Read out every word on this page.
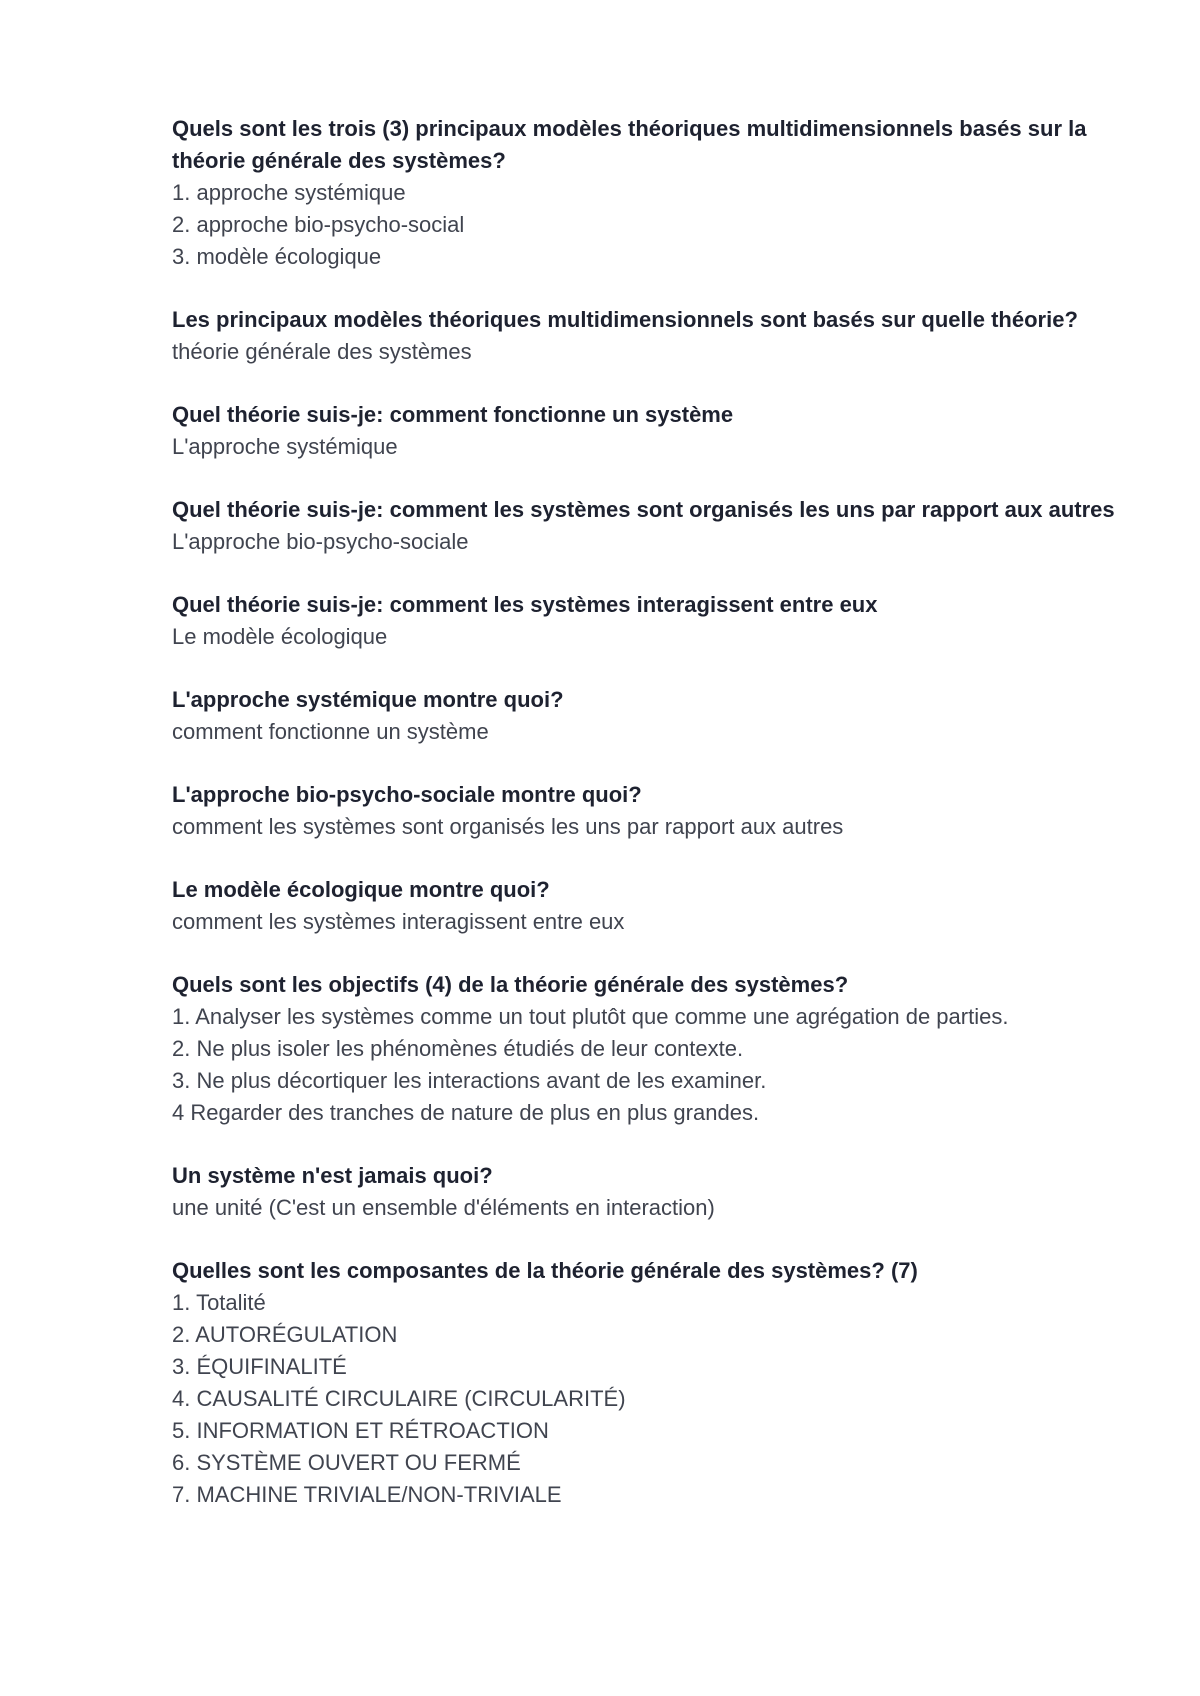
Quels sont les trois (3) principaux modèles théoriques multidimensionnels basés sur la théorie générale des systèmes?

1. approche systémique

2. approche bio-psycho-social

3. modèle écologique

Les principaux modèles théoriques multidimensionnels sont basés sur quelle théorie?

théorie générale des systèmes

Quel théorie suis-je: comment fonctionne un système

L'approche systémique

Quel théorie suis-je: comment les systèmes sont organisés les uns par rapport aux autres

L'approche bio-psycho-sociale

Quel théorie suis-je: comment les systèmes interagissent entre eux

Le modèle écologique

L'approche systémique montre quoi?

comment fonctionne un système

L'approche bio-psycho-sociale montre quoi?

comment les systèmes sont organisés les uns par rapport aux autres

Le modèle écologique montre quoi?

comment les systèmes interagissent entre eux

Quels sont les objectifs (4) de la théorie générale des systèmes?

1. Analyser les systèmes comme un tout plutôt que comme une agrégation de parties.

2. Ne plus isoler les phénomènes étudiés de leur contexte.

3. Ne plus décortiquer les interactions avant de les examiner.

4 Regarder des tranches de nature de plus en plus grandes.

Un système n'est jamais quoi?

une unité (C'est un ensemble d'éléments en interaction)

Quelles sont les composantes de la théorie générale des systèmes? (7)

1. Totalité

2. AUTORÉGULATION

3. ÉQUIFINALITÉ

4. CAUSALITÉ CIRCULAIRE (CIRCULARITÉ)

5. INFORMATION ET RÉTROACTION

6. SYSTÈME OUVERT OU FERMÉ

7. MACHINE TRIVIALE/NON-TRIVIALE
